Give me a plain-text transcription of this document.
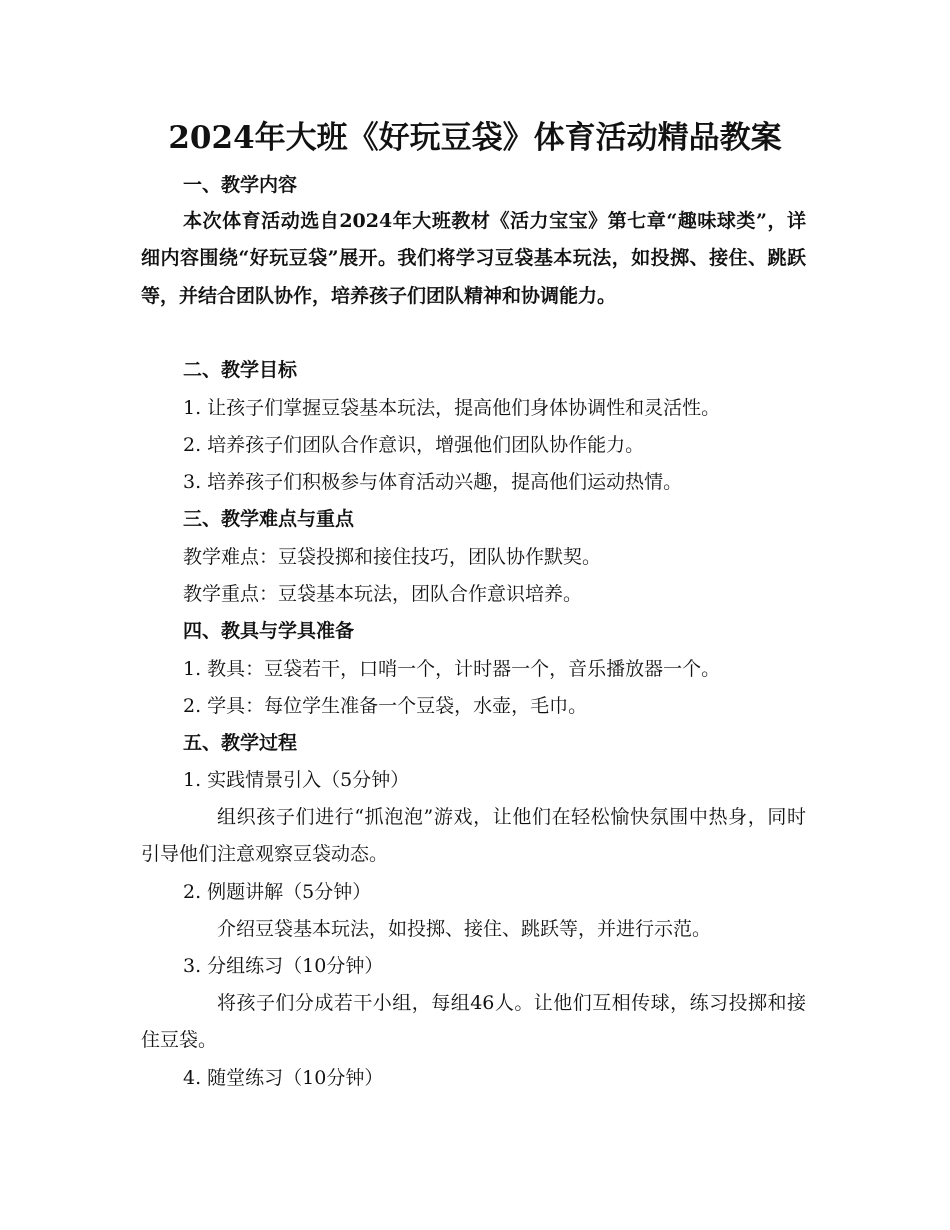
2024年大班《好玩豆袋》体育活动精品教案
一、教学内容
本次体育活动选自2024年大班教材《活力宝宝》第七章“趣味球类”，详细内容围绕“好玩豆袋”展开。我们将学习豆袋基本玩法，如投掷、接住、跳跃等，并结合团队协作，培养孩子们团队精神和协调能力。
二、教学目标
1. 让孩子们掌握豆袋基本玩法，提高他们身体协调性和灵活性。
2. 培养孩子们团队合作意识，增强他们团队协作能力。
3. 培养孩子们积极参与体育活动兴趣，提高他们运动热情。
三、教学难点与重点
教学难点：豆袋投掷和接住技巧，团队协作默契。
教学重点：豆袋基本玩法，团队合作意识培养。
四、教具与学具准备
1. 教具：豆袋若干，口哨一个，计时器一个，音乐播放器一个。
2. 学具：每位学生准备一个豆袋，水壶，毛巾。
五、教学过程
1. 实践情景引入（5分钟）
组织孩子们进行“抓泡泡”游戏，让他们在轻松愉快氛围中热身，同时引导他们注意观察豆袋动态。
2. 例题讲解（5分钟）
介绍豆袋基本玩法，如投掷、接住、跳跃等，并进行示范。
3. 分组练习（10分钟）
将孩子们分成若干小组，每组46人。让他们互相传球，练习投掷和接住豆袋。
4. 随堂练习（10分钟）
